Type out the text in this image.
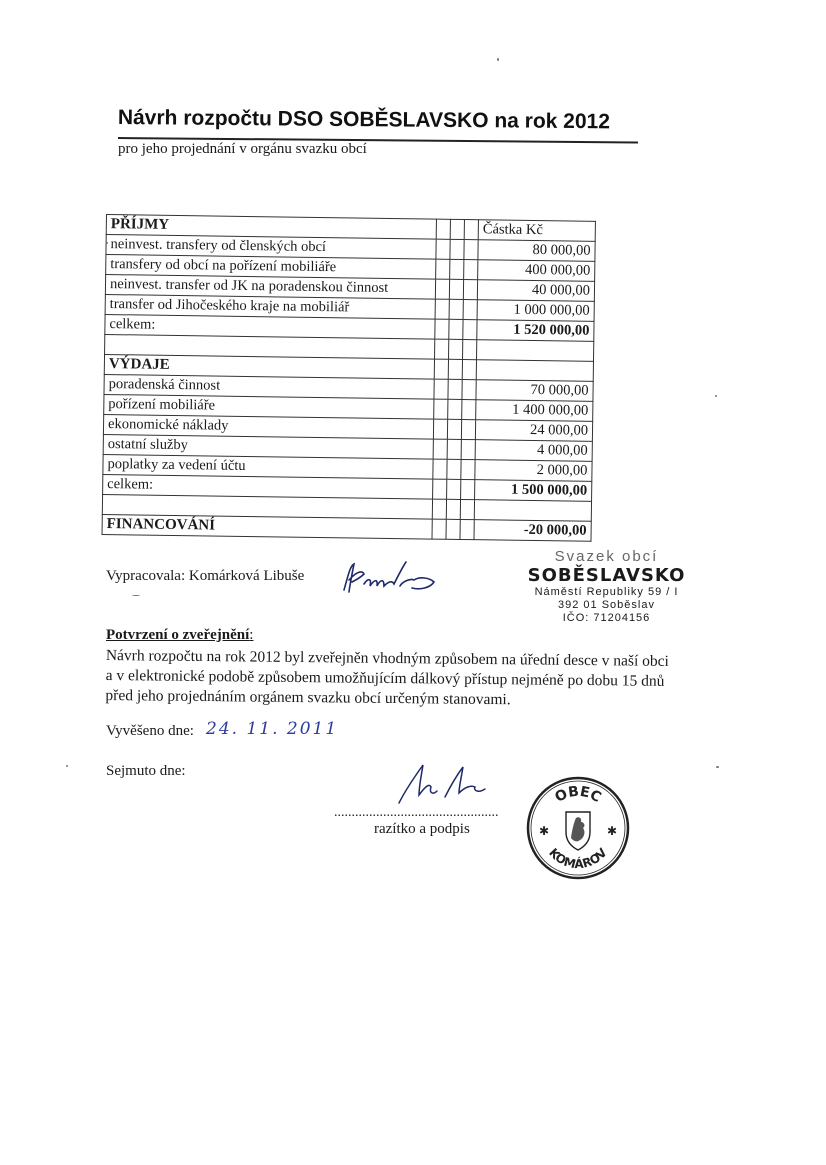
Návrh rozpočtu DSO SOBĚSLAVSKO na rok 2012
pro jeho projednání v orgánu svazku obcí
PŘÍJMY				Částka Kč
neinvest. transfery od členských obcí				80 000,00
transfery od obcí na pořízení mobiliáře				400 000,00
neinvest. transfer od JK na poradenskou činnost				40 000,00
transfer od Jihočeského kraje na mobiliář				1 000 000,00
celkem:				1 520 000,00

VÝDAJE				
poradenská činnost				70 000,00
pořízení mobiliáře				1 400 000,00
ekonomické náklady				24 000,00
ostatní služby				4 000,00
poplatky za vedení účtu				2 000,00
celkem:				1 500 000,00

FINANCOVÁNÍ				-20 000,00
Vypracovala: Komárková Libuše
Svazek obcí
SOBĚSLAVSKO
Náměstí Republiky 59 / I
392 01 Soběslav
IČO: 71204156
Potvrzení o zveřejnění:
Návrh rozpočtu na rok 2012 byl zveřejněn vhodným způsobem na úřední desce v naší obci
a v elektronické podobě způsobem umožňujícím dálkový přístup nejméně po dobu 15 dnů
před jeho projednáním orgánem svazku obcí určeným stanovami.
Vyvěšeno dne: 24. 11. 2011
Sejmuto dne:
...............................................
razítko a podpis
OBEC
KOMÁROV
✱	✱
